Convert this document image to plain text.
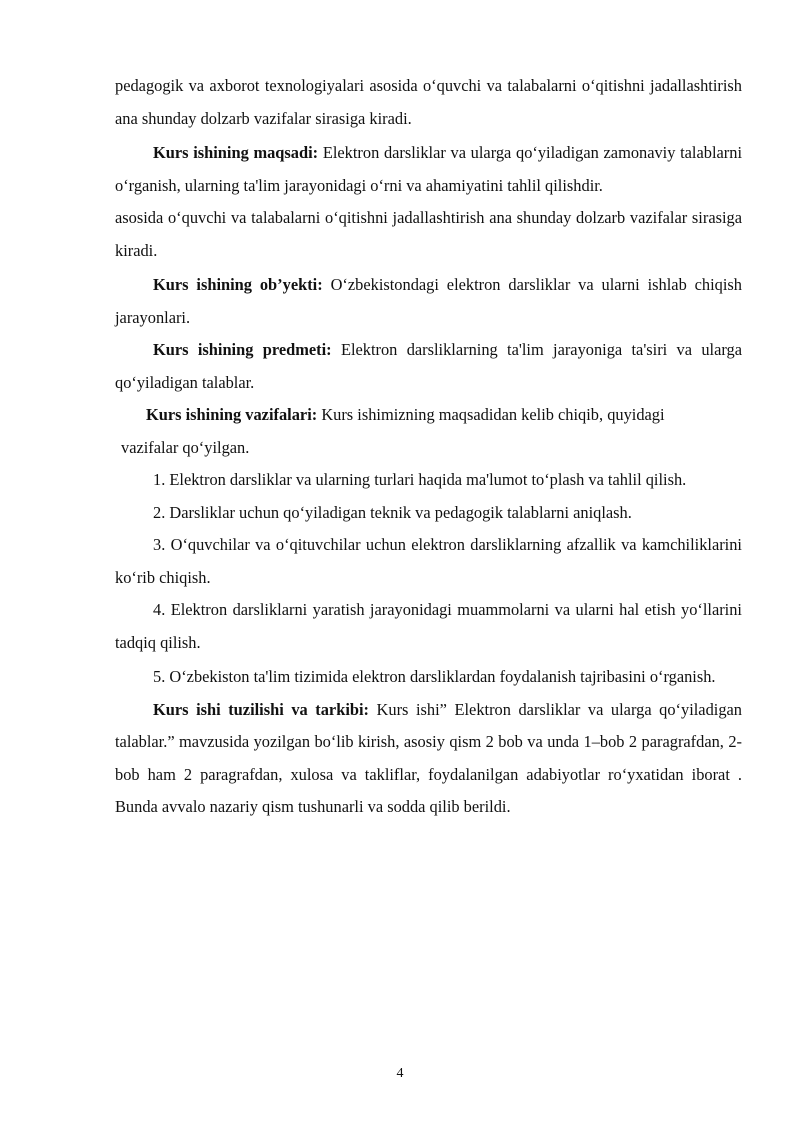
pedagogik va axborot texnologiyalari asosida o‘quvchi va talabalarni o‘qitishni jadallashtirish ana shunday dolzarb vazifalar sirasiga kiradi.

Kurs ishining maqsadi: Elektron darsliklar va ularga qo‘yiladigan zamonaviy talablarni o‘rganish, ularning ta'lim jarayonidagi o‘rni va ahamiyatini tahlil qilishdir.

asosida o‘quvchi va talabalarni o‘qitishni jadallashtirish ana shunday dolzarb vazifalar sirasiga kiradi.

Kurs ishining ob’yekti: O‘zbekistondagi elektron darsliklar va ularni ishlab chiqish jarayonlari.

Kurs ishining predmeti: Elektron darsliklarning ta'lim jarayoniga ta'siri va ularga qo‘yiladigan talablar.

Kurs ishining vazifalari: Kurs ishimizning maqsadidan kelib chiqib, quyidagi

vazifalar qo‘yilgan.

1. Elektron darsliklar va ularning turlari haqida ma'lumot to‘plash va tahlil qilish.

2. Darsliklar uchun qo‘yiladigan teknik va pedagogik talablarni aniqlash.

3. O‘quvchilar va o‘qituvchilar uchun elektron darsliklarning afzallik va kamchiliklarini ko‘rib chiqish.

4. Elektron darsliklarni yaratish jarayonidagi muammolarni va ularni hal etish yo‘llarini tadqiq qilish.

5. O‘zbekiston ta'lim tizimida elektron darsliklardan foydalanish tajribasini o‘rganish.

Kurs ishi tuzilishi va tarkibi: Kurs ishi” Elektron darsliklar va ularga qo‘yiladigan talablar.” mavzusida yozilgan bo‘lib kirish, asosiy qism 2 bob va unda 1–bob 2 paragrafdan, 2-bob ham 2 paragrafdan, xulosa va takliflar, foydalanilgan adabiyotlar ro‘yxatidan iborat . Bunda avvalo nazariy qism tushunarli va sodda qilib berildi.

4
